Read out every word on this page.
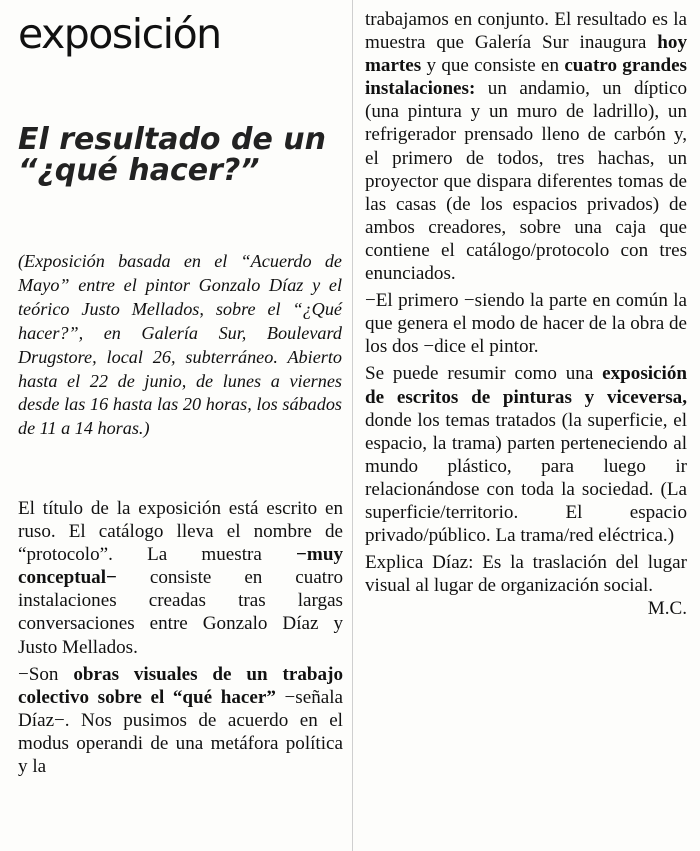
exposición
El resultado de un “¿qué hacer?”

(Exposición basada en el “Acuerdo de Mayo” entre el pintor Gonzalo Díaz y el teórico Justo Mellados, sobre el “¿Qué hacer?”, en Galería Sur, Boulevard Drugstore, local 26, subterráneo. Abierto hasta el 22 de junio, de lunes a viernes desde las 16 hasta las 20 horas, los sábados de 11 a 14 horas.)

El título de la exposición está escrito en ruso. El catálogo lleva el nombre de “protocolo”. La muestra −muy conceptual− consiste en cuatro instalaciones creadas tras largas conversaciones entre Gonzalo Díaz y Justo Mellados.

−Son obras visuales de un trabajo colectivo sobre el “qué hacer” −señala Díaz−. Nos pusimos de acuerdo en el modus operandi de una metáfora política y la

trabajamos en conjunto. El resultado es la muestra que Galería Sur inaugura hoy martes y que consiste en cuatro grandes instalaciones: un andamio, un díptico (una pintura y un muro de ladrillo), un refrigerador prensado lleno de carbón y, el primero de todos, tres hachas, un proyector que dispara diferentes tomas de las casas (de los espacios privados) de ambos creadores, sobre una caja que contiene el catálogo/protocolo con tres enunciados.

−El primero −siendo la parte en común la que genera el modo de hacer de la obra de los dos −dice el pintor.

Se puede resumir como una exposición de escritos de pinturas y viceversa, donde los temas tratados (la superficie, el espacio, la trama) parten perteneciendo al mundo plástico, para luego ir relacionándose con toda la sociedad. (La superficie/territorio. El espacio privado/público. La trama/red eléctrica.)

Explica Díaz: Es la traslación del lugar visual al lugar de organización social.
M.C.
